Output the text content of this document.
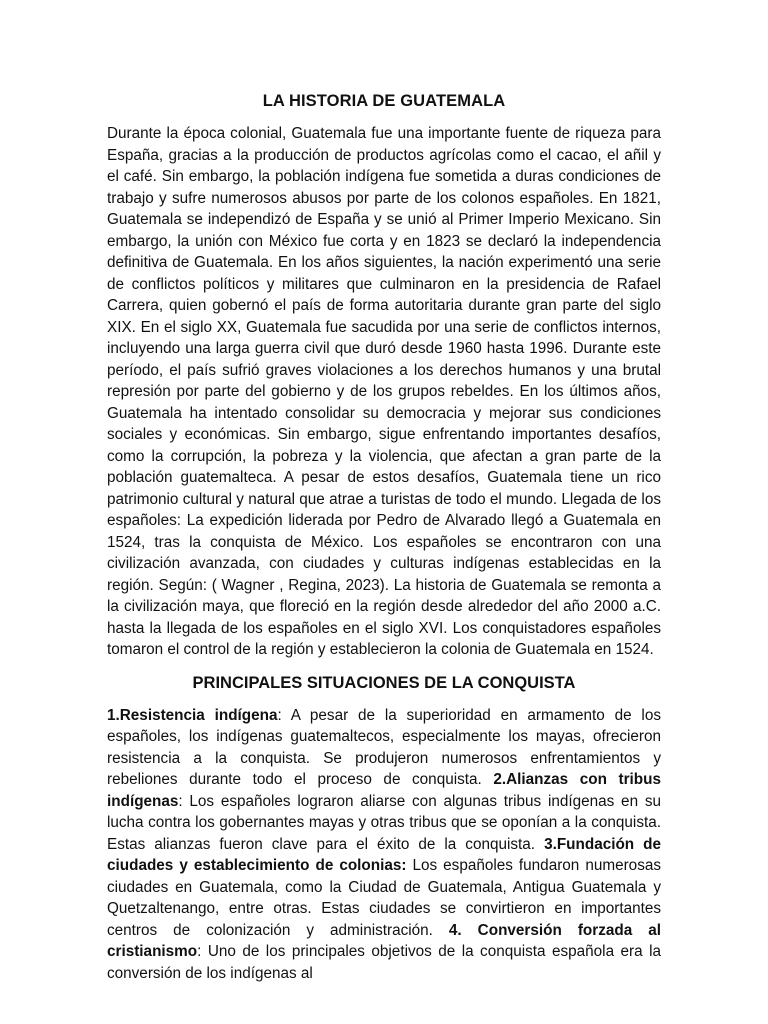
LA HISTORIA DE GUATEMALA

Durante la época colonial, Guatemala fue una importante fuente de riqueza para España, gracias a la producción de productos agrícolas como el cacao, el añil y el café. Sin embargo, la población indígena fue sometida a duras condiciones de trabajo y sufre numerosos abusos por parte de los colonos españoles. En 1821, Guatemala se independizó de España y se unió al Primer Imperio Mexicano. Sin embargo, la unión con México fue corta y en 1823 se declaró la independencia definitiva de Guatemala. En los años siguientes, la nación experimentó una serie de conflictos políticos y militares que culminaron en la presidencia de Rafael Carrera, quien gobernó el país de forma autoritaria durante gran parte del siglo XIX. En el siglo XX, Guatemala fue sacudida por una serie de conflictos internos, incluyendo una larga guerra civil que duró desde 1960 hasta 1996. Durante este período, el país sufrió graves violaciones a los derechos humanos y una brutal represión por parte del gobierno y de los grupos rebeldes. En los últimos años, Guatemala ha intentado consolidar su democracia y mejorar sus condiciones sociales y económicas. Sin embargo, sigue enfrentando importantes desafíos, como la corrupción, la pobreza y la violencia, que afectan a gran parte de la población guatemalteca. A pesar de estos desafíos, Guatemala tiene un rico patrimonio cultural y natural que atrae a turistas de todo el mundo. Llegada de los españoles: La expedición liderada por Pedro de Alvarado llegó a Guatemala en 1524, tras la conquista de México. Los españoles se encontraron con una civilización avanzada, con ciudades y culturas indígenas establecidas en la región. Según: ( Wagner , Regina, 2023). La historia de Guatemala se remonta a la civilización maya, que floreció en la región desde alrededor del año 2000 a.C. hasta la llegada de los españoles en el siglo XVI. Los conquistadores españoles tomaron el control de la región y establecieron la colonia de Guatemala en 1524.

PRINCIPALES SITUACIONES DE LA CONQUISTA

1.Resistencia indígena: A pesar de la superioridad en armamento de los españoles, los indígenas guatemaltecos, especialmente los mayas, ofrecieron resistencia a la conquista. Se produjeron numerosos enfrentamientos y rebeliones durante todo el proceso de conquista. 2.Alianzas con tribus indígenas: Los españoles lograron aliarse con algunas tribus indígenas en su lucha contra los gobernantes mayas y otras tribus que se oponían a la conquista. Estas alianzas fueron clave para el éxito de la conquista. 3.Fundación de ciudades y establecimiento de colonias: Los españoles fundaron numerosas ciudades en Guatemala, como la Ciudad de Guatemala, Antigua Guatemala y Quetzaltenango, entre otras. Estas ciudades se convirtieron en importantes centros de colonización y administración. 4. Conversión forzada al cristianismo: Uno de los principales objetivos de la conquista española era la conversión de los indígenas al
